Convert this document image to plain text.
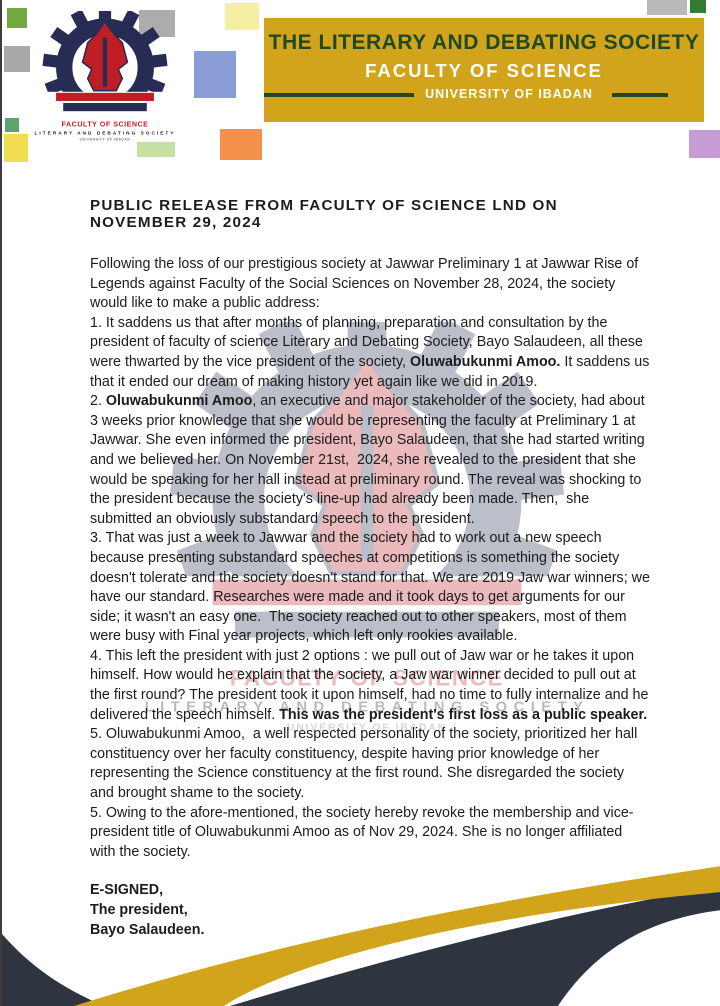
THE LITERARY AND DEBATING SOCIETY
FACULTY OF SCIENCE
UNIVERSITY OF IBADAN
PUBLIC RELEASE FROM FACULTY OF SCIENCE LND ON NOVEMBER 29, 2024

Following the loss of our prestigious society at Jawwar Preliminary 1 at Jawwar Rise of Legends against Faculty of the Social Sciences on November 28, 2024, the society would like to make a public address:

1. It saddens us that after months of planning, preparation and consultation by the president of faculty of science Literary and Debating Society, Bayo Salaudeen, all these were thwarted by the vice president of the society, Oluwabukunmi Amoo. It saddens us that it ended our dream of making history yet again like we did in 2019.

2. Oluwabukunmi Amoo, an executive and major stakeholder of the society, had about  3 weeks prior knowledge that she would be representing the faculty at Preliminary 1 at Jawwar. She even informed the president, Bayo Salaudeen, that she had started writing and we believed her. On November 21st,  2024, she revealed to the president that she would be speaking for her hall instead at preliminary round. The reveal was shocking to the president because the society's line-up had already been made. Then,  she submitted an obviously substandard speech to the president.

3. That was just a week to Jawwar and the society had to work out a new speech because presenting substandard speeches at competitions is something the society doesn't tolerate and the society doesn't stand for that. We are 2019 Jaw war winners; we have our standard. Researches were made and it took days to get arguments for our side; it wasn't an easy one.  The society reached out to other speakers, most of them were busy with Final year projects, which left only rookies available.

4. This left the president with just 2 options : we pull out of Jaw war or he takes it upon himself. How would he explain that the society, a Jaw war winner decided to pull out at the first round? The president took it upon himself, had no time to fully internalize and he delivered the speech himself. This was the president's first loss as a public speaker.

5. Oluwabukunmi Amoo,  a well respected personality of the society, prioritized her hall constituency over her faculty constituency, despite having prior knowledge of her representing the Science constituency at the first round. She disregarded the society and brought shame to the society.

5. Owing to the afore-mentioned, the society hereby revoke the membership and vice-president title of Oluwabukunmi Amoo as of Nov 29, 2024. She is no longer affiliated with the society.

E-SIGNED,
The president,
Bayo Salaudeen.
